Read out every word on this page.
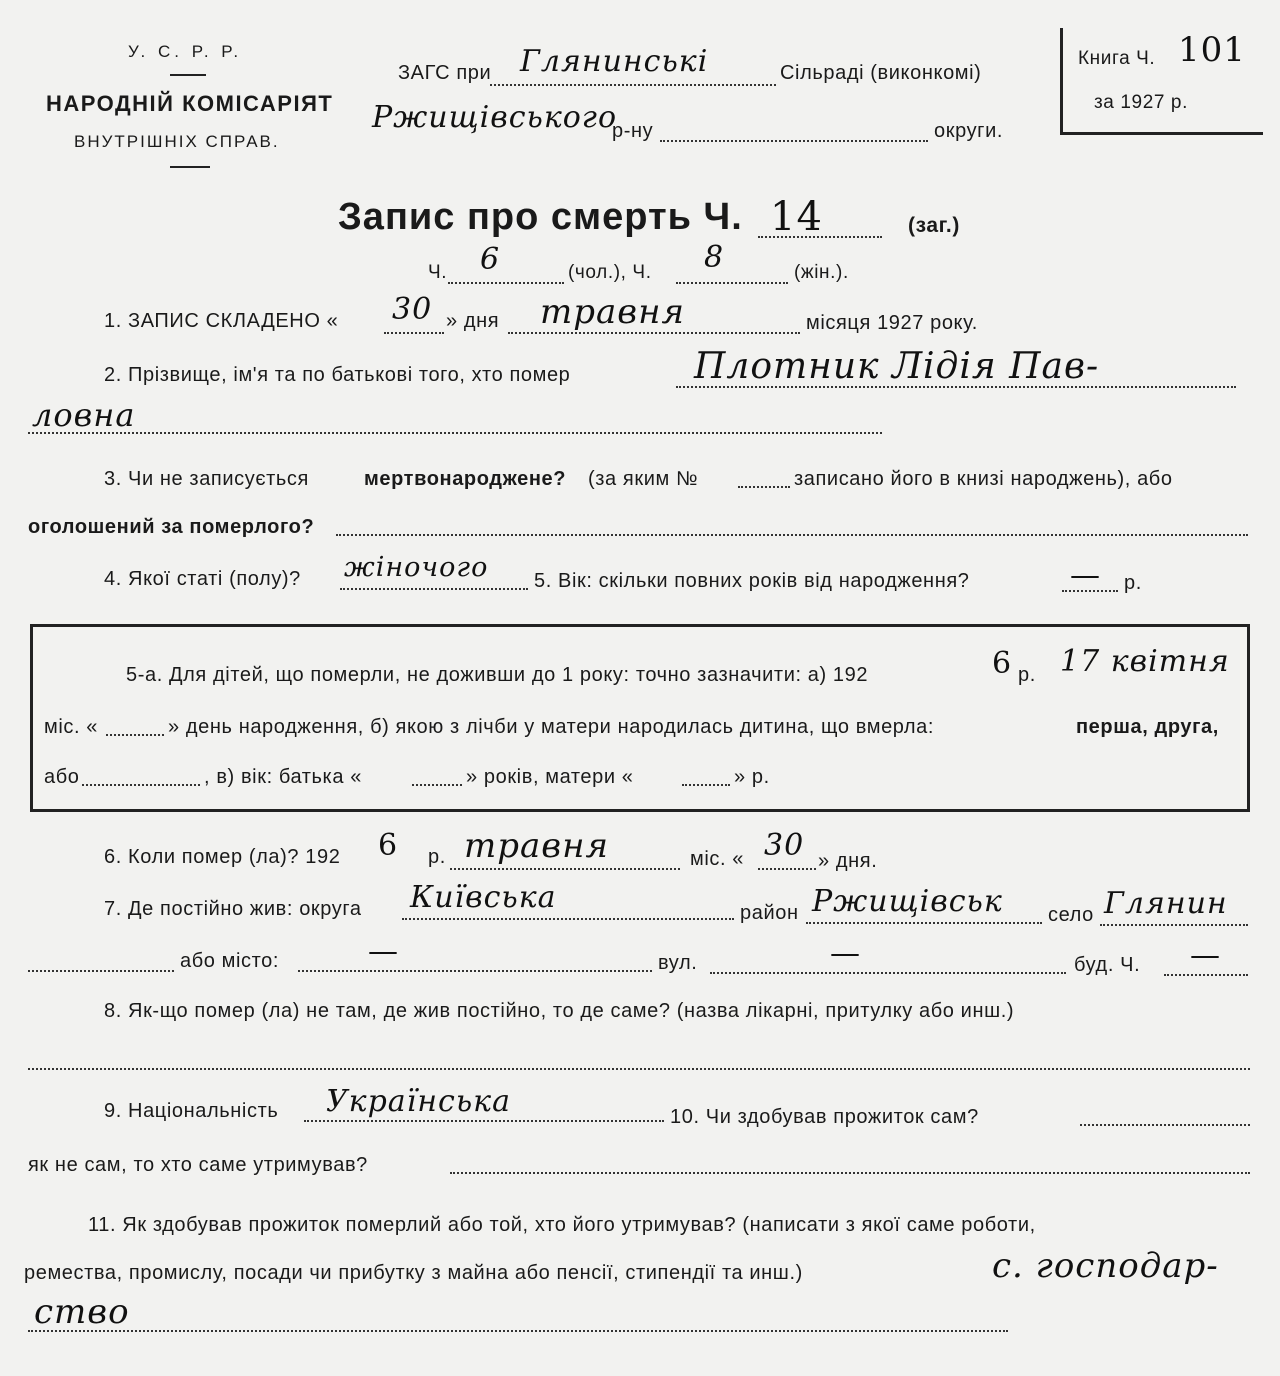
У. С. Р. Р.
НАРОДНІЙ КОМІСАРІЯТ
ВНУТРІШНІХ СПРАВ.
ЗАГС при Глянинські	Сільраді (виконкомі)
Ржищівського
р-ну	округи.
Книга Ч. 101
за 1927 р.
Запис про смерть Ч. 14	(заг.)
Ч. 6	(чол.), Ч. 8	(жін.).
1. ЗАПИС СКЛАДЕНО « 30 » дня травня	місяця 1927 року.
2. Прізвище, ім'я та по батькові того, хто помер	Плотник Лідія Пав-
ловна
3. Чи не записується	мертвонароджене? (за яким №	записано його в книзі народжень), або
оголошений за померлого?
4. Якої статі (полу)? жіночого 5. Вік: скільки повних років від народження?	— р.
5-а. Для дітей, що померли, не доживши до 1 року: точно зазначити: а) 192	6 р. 17 квітня
міс. «	» день народження, б) якою з лічби у матери народилась дитина, що вмерла:	перша, друга,
або	, в) вік: батька «	» років, матери «	» р.
6. Коли помер (ла)? 192 6 р. травня	міс. « 30 » дня.
7. Де постійно жив: округа Київська	район Ржищівськ село Глянин
або місто:	—	вул.	—	буд. Ч. —
8. Як-що помер (ла) не там, де жив постійно, то де саме? (назва лікарні, притулку або инш.)
9. Національність Українська	10. Чи здобував прожиток сам?
як не сам, то хто саме утримував?
11. Як здобував прожиток померлий або той, хто його утримував? (написати з якої саме роботи,
ремества, промислу, посади чи прибутку з майна або пенсії, стипендії та инш.)	с. господар-
ство
